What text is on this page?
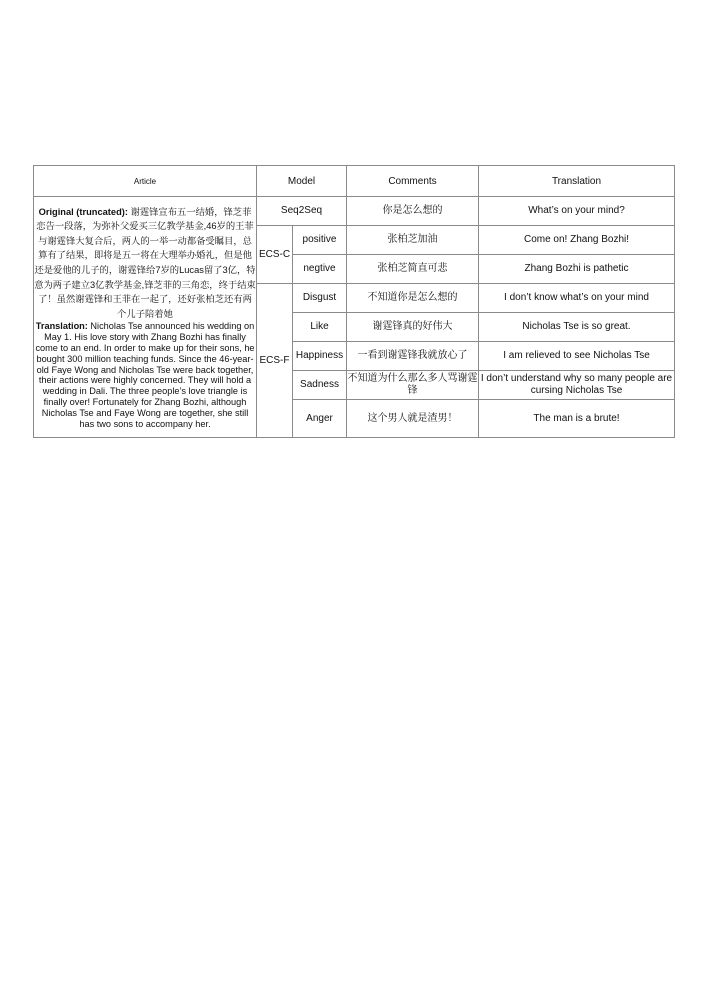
Article	Model		Comments	Translation

Original (truncated): 谢霆锋宣布五一结婚，锋芝菲恋告一段落，为弥补父爱买三亿教学基金,46岁的王菲与谢霆锋大复合后，两人的一举一动都备受瞩目，总算有了结果，即将是五一将在大理举办婚礼，但是他还是爱他的儿子的，谢霆锋给7岁的Lucas留了3亿，特意为两子建立3亿教学基金,锋芝菲的三角恋，终于结束了！虽然谢霆锋和王菲在一起了，还好张柏芝还有两个儿子陪着她

Translation: Nicholas Tse announced his wedding on May 1. His love story with Zhang Bozhi has finally come to an end. In order to make up for their sons, he bought 300 million teaching funds. Since the 46-year-old Faye Wong and Nicholas Tse were back together, their actions were highly concerned. They will hold a wedding in Dali. The three people’s love triangle is finally over! Fortunately for Zhang Bozhi, although Nicholas Tse and Faye Wong are together, she still has two sons to accompany her.	Seq2Seq		你是怎么想的	What’s on your mind?
	ECS-C	positive	张柏芝加油	Come on! Zhang Bozhi!
		negtive	张柏芝简直可悲	Zhang Bozhi is pathetic
	ECS-F	Disgust	不知道你是怎么想的	I don’t know what’s on your mind
		Like	谢霆锋真的好伟大	Nicholas Tse is so great.
		Happiness	一看到谢霆锋我就放心了	I am relieved to see Nicholas Tse
		Sadness	不知道为什么那么多人骂谢霆锋	I don’t understand why so many people are cursing Nicholas Tse
		Anger	这个男人就是渣男！	The man is a brute!
